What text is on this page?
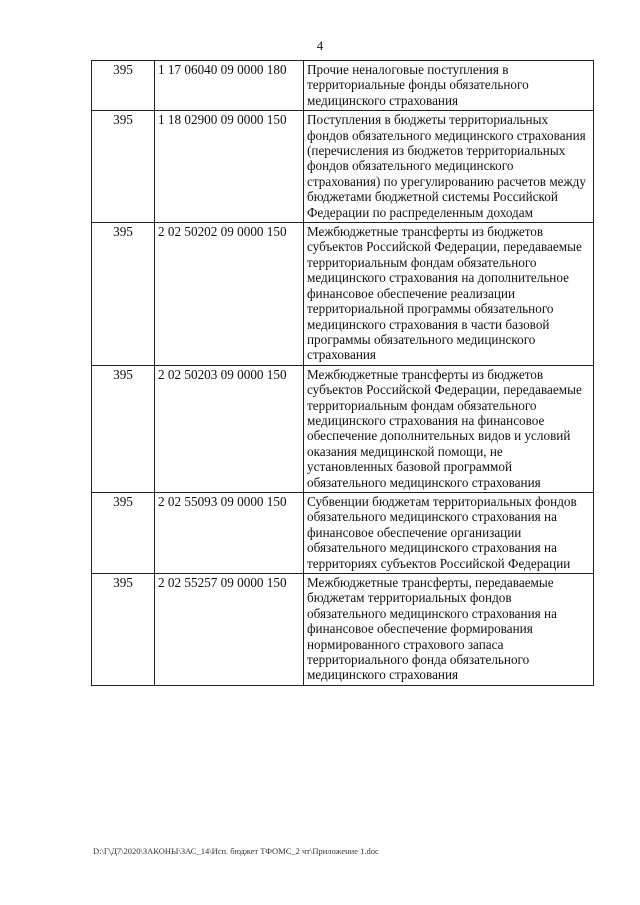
4
395	1 17 06040 09 0000 180	Прочие неналоговые поступления в территориальные фонды обязательного медицинского страхования
395	1 18 02900 09 0000 150	Поступления в бюджеты территориальных фондов обязательного медицинского страхования (перечисления из бюджетов территориальных фондов обязательного медицинского страхования) по урегулированию расчетов между бюджетами бюджетной системы Российской Федерации по распределенным доходам
395	2 02 50202 09 0000 150	Межбюджетные трансферты из бюджетов субъектов Российской Федерации, передаваемые территориальным фондам обязательного медицинского страхования на дополнительное финансовое обеспечение реализации территориальной программы обязательного медицинского страхования в части базовой программы обязательного медицинского страхования
395	2 02 50203 09 0000 150	Межбюджетные трансферты из бюджетов субъектов Российской Федерации, передаваемые территориальным фондам обязательного медицинского страхования на финансовое обеспечение дополнительных видов и условий оказания медицинской помощи, не установленных базовой программой обязательного медицинского страхования
395	2 02 55093 09 0000 150	Субвенции бюджетам территориальных фондов обязательного медицинского страхования на финансовое обеспечение организации обязательного медицинского страхования на территориях субъектов Российской Федерации
395	2 02 55257 09 0000 150	Межбюджетные трансферты, передаваемые бюджетам территориальных фондов обязательного медицинского страхования на финансовое обеспечение формирования нормированного страхового запаса территориального фонда обязательного медицинского страхования
D:\Г\Д7\2020\ЗАКОНЫ\ЗАС_14\Исп. бюджет ТФОМС_2 чт\Приложение 1.doc
